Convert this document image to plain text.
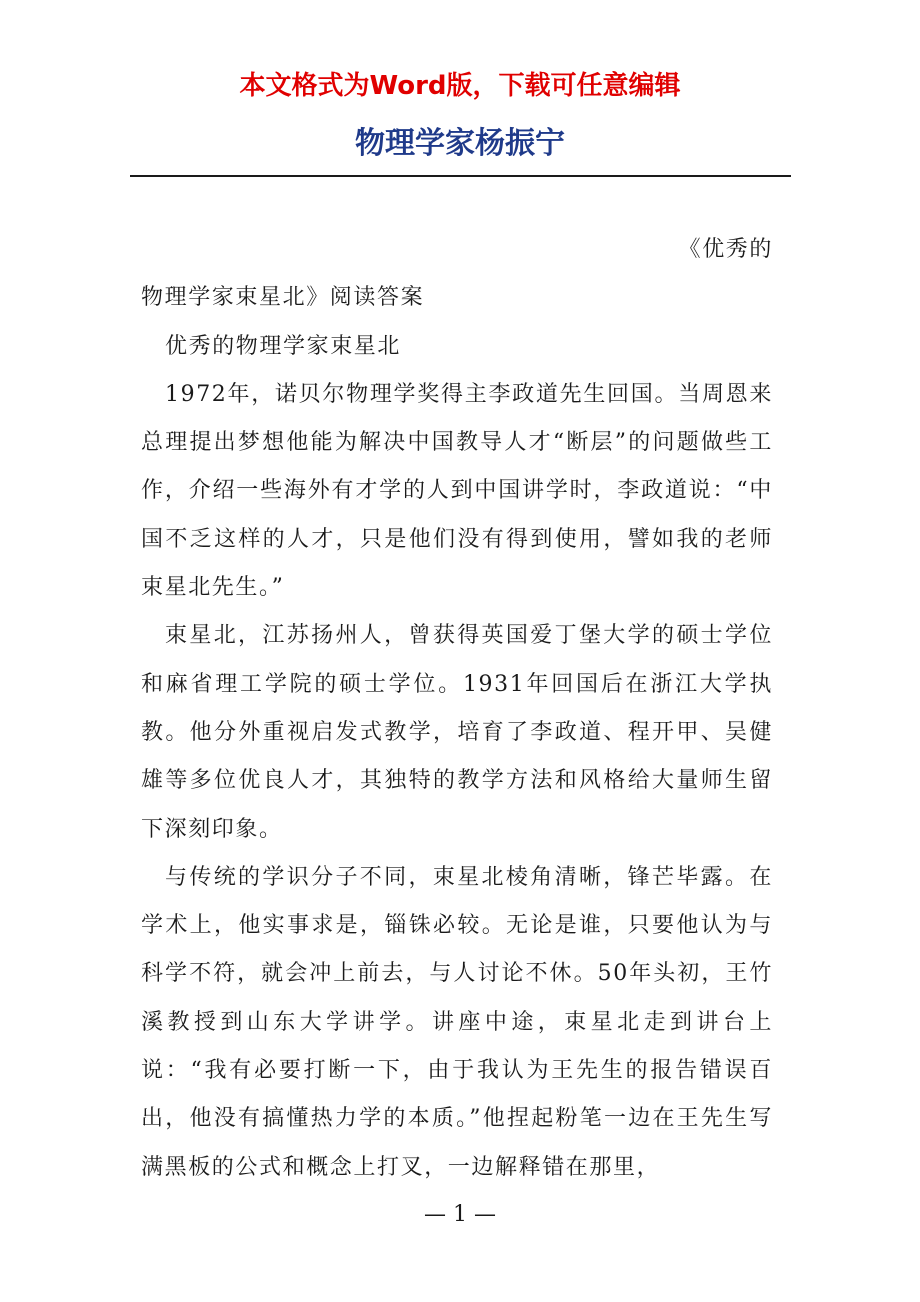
本文格式为Word版，下载可任意编辑
物理学家杨振宁

《优秀的

物理学家束星北》阅读答案

优秀的物理学家束星北

1972年，诺贝尔物理学奖得主李政道先生回国。当周恩来总理提出梦想他能为解决中国教导人才“断层”的问题做些工作，介绍一些海外有才学的人到中国讲学时，李政道说：“中国不乏这样的人才，只是他们没有得到使用，譬如我的老师束星北先生。”

束星北，江苏扬州人，曾获得英国爱丁堡大学的硕士学位和麻省理工学院的硕士学位。1931年回国后在浙江大学执教。他分外重视启发式教学，培育了李政道、程开甲、吴健雄等多位优良人才，其独特的教学方法和风格给大量师生留下深刻印象。

与传统的学识分子不同，束星北棱角清晰，锋芒毕露。在学术上，他实事求是，锱铢必较。无论是谁，只要他认为与科学不符，就会冲上前去，与人讨论不休。50年头初，王竹溪教授到山东大学讲学。讲座中途，束星北走到讲台上说：“我有必要打断一下，由于我认为王先生的报告错误百出，他没有搞懂热力学的本质。”他捏起粉笔一边在王先生写满黑板的公式和概念上打叉，一边解释错在那里，

— 1 —
